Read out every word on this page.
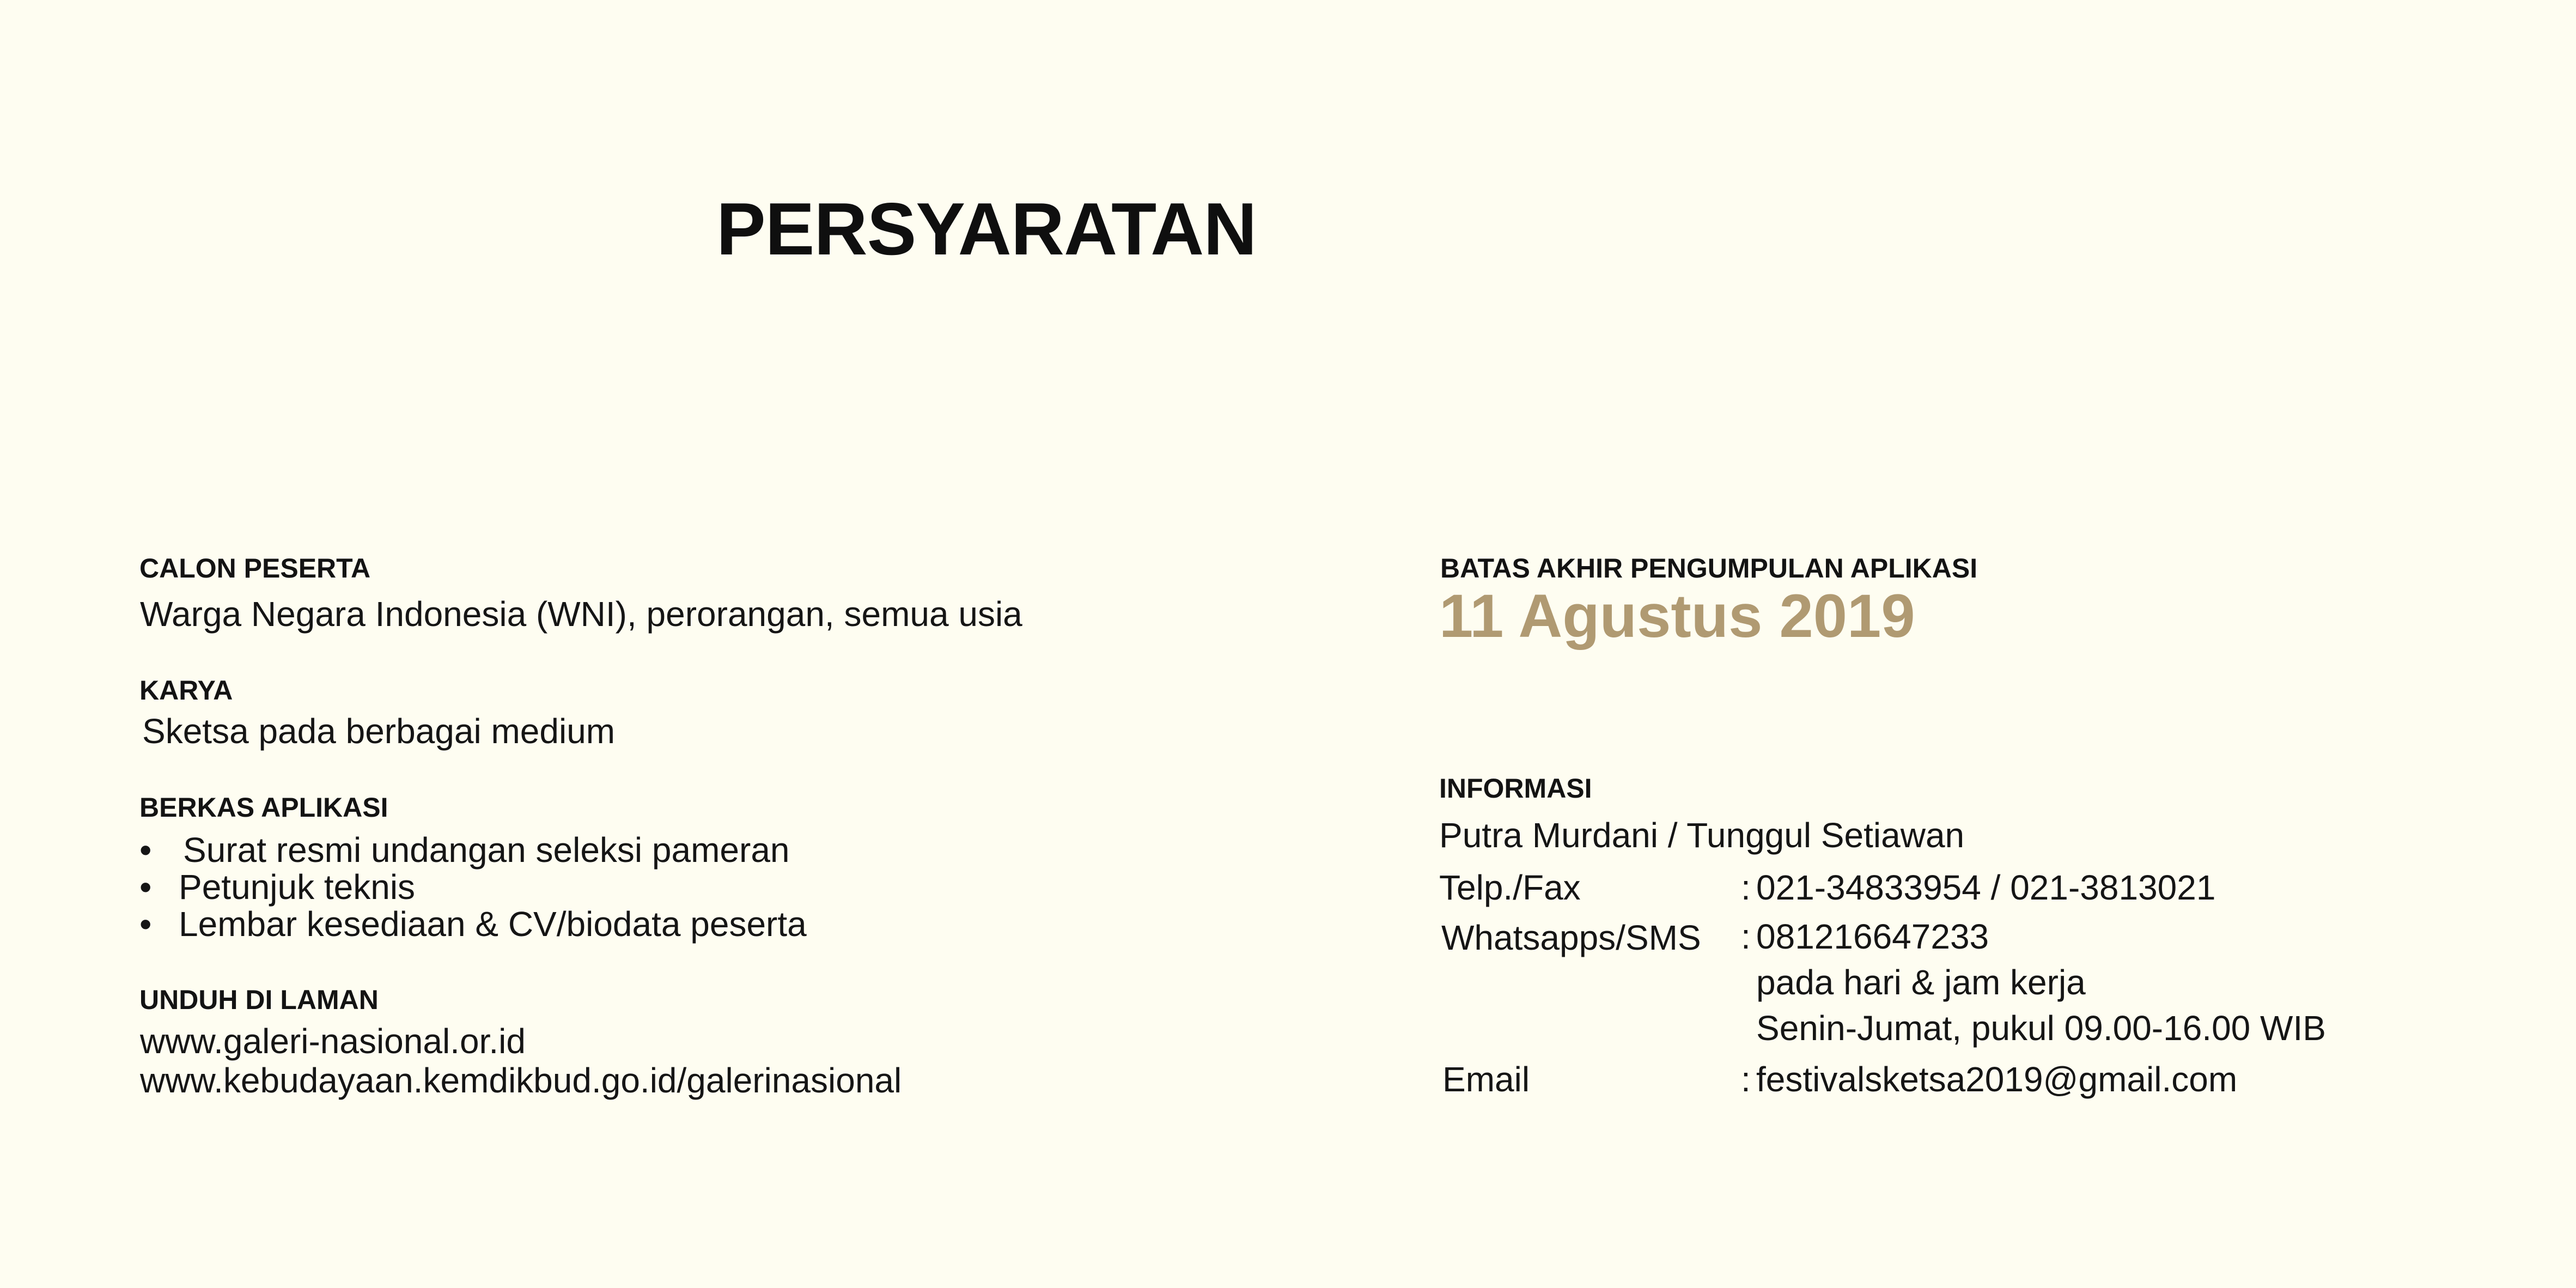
PERSYARATAN
CALON PESERTA
Warga Negara Indonesia (WNI), perorangan, semua usia
KARYA
Sketsa pada berbagai medium
BERKAS APLIKASI
• Surat resmi undangan seleksi pameran
• Petunjuk teknis
• Lembar kesediaan & CV/biodata peserta
UNDUH DI LAMAN
www.galeri-nasional.or.id
www.kebudayaan.kemdikbud.go.id/galerinasional
BATAS AKHIR PENGUMPULAN APLIKASI
11 Agustus 2019
INFORMASI
Putra Murdani / Tunggul Setiawan
Telp./Fax	: 021-34833954 / 021-3813021
Whatsapps/SMS : 081216647233
pada hari & jam kerja
Senin-Jumat, pukul 09.00-16.00 WIB
Email	: festivalsketsa2019@gmail.com
